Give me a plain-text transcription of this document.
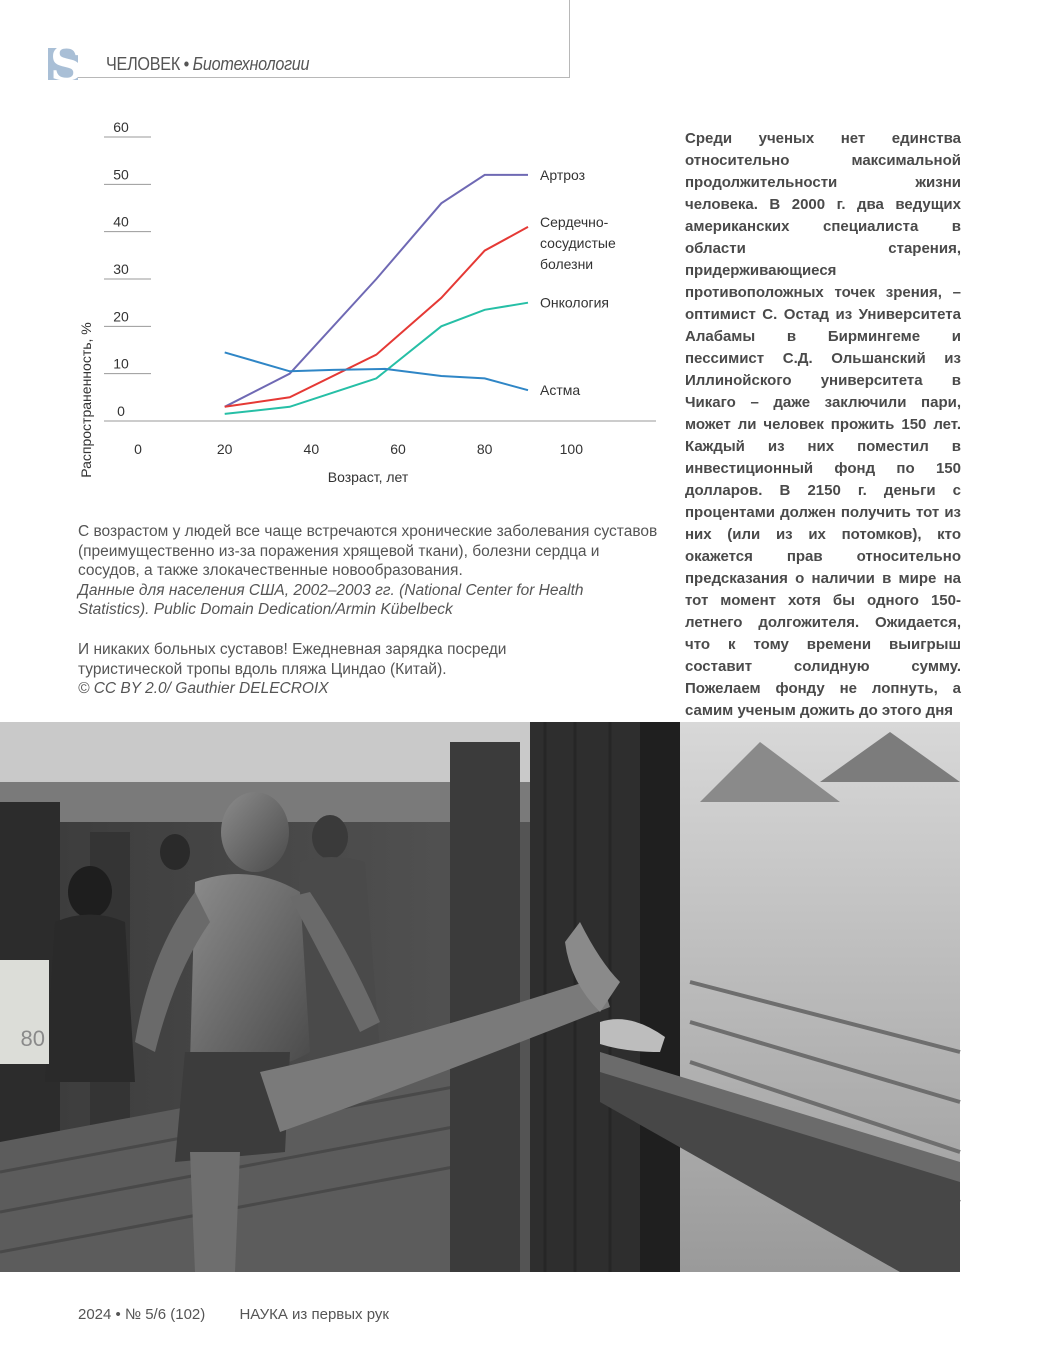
S ЧЕЛОВЕК • Биотехнологии
0
10
20
30
40
50
60
0	20	40	60	80	100
Артроз
Сердечно-
сосудистые
болезни
Онкология
Астма
Распространенность, %	Возраст, лет
С возрастом у людей все чаще встречаются хронические заболевания суставов (преимущественно из-за поражения хрящевой ткани), болезни сердца и сосудов, а также злокачественные новообразования.
Данные для населения США, 2002–2003 гг. (National Center for Health Statistics). Public Domain Dedication/Armin Kübelbeck
И никаких больных суставов! Ежедневная зарядка посреди туристической тропы вдоль пляжа Циндао (Китай).
© CC BY 2.0/ Gauthier DELECROIX
Среди ученых нет единства относительно максимальной продолжительности жизни человека. В 2000 г. два ведущих американских специалиста в области старения, придерживающиеся противоположных точек зрения, – оптимист С. Остад из Университета Алабамы в Бирмингеме и пессимист С.Д. Ольшанский из Иллинойского университета в Чикаго – даже заключили пари, может ли человек прожить 150 лет. Каждый из них поместил в инвестиционный фонд по 150 долларов. В 2150 г. деньги с процентами должен получить тот из них (или из их потомков), кто окажется прав относительно предсказания о наличии в мире на тот момент хотя бы одного 150-летнего долгожителя. Ожидается, что к тому времени выигрыш составит солидную сумму. Пожелаем фонду не лопнуть, а самим ученым дожить до этого дня
80
2024 • № 5/6 (102) НАУКА из первых рук
